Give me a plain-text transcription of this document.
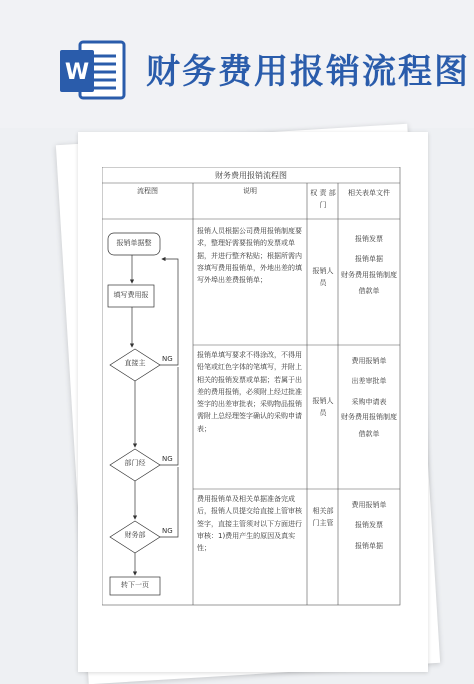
W 财务费用报销流程图
财务费用报销流程图
流程图	说明	权 责 部 门
相关表单文件
报销人员根据公司费用报销制度要求，整理好需要报销的发票或单据，并进行整齐粘贴；根据所需内容填写费用报销单，外地出差的填写外埠出差费报销单；
报销人员
报销发票
报销单据
财务费用报销制度
借款单
报销单填写要求不得涂改，不得用铅笔或红色字体的笔填写，并附上相关的报销发票或单据；若属于出差的费用报销，必须附上经过批准签字的出差审批表；采购物品报销需附上总经理签字确认的采购申请表；
报销人员
费用报销单
出差审批单
采购申请表
财务费用报销制度
借款单
费用报销单及相关单据准备完成后，报销人员提交给直接上管审核签字，直接主管须对以下方面进行审核：1)费用产生的原因及真实性；
相关部门主管
费用报销单
报销发票
报销单据
报销单据整
填写费用报
直接主
部门经
财务部
NG
NG
NG
转下一页
